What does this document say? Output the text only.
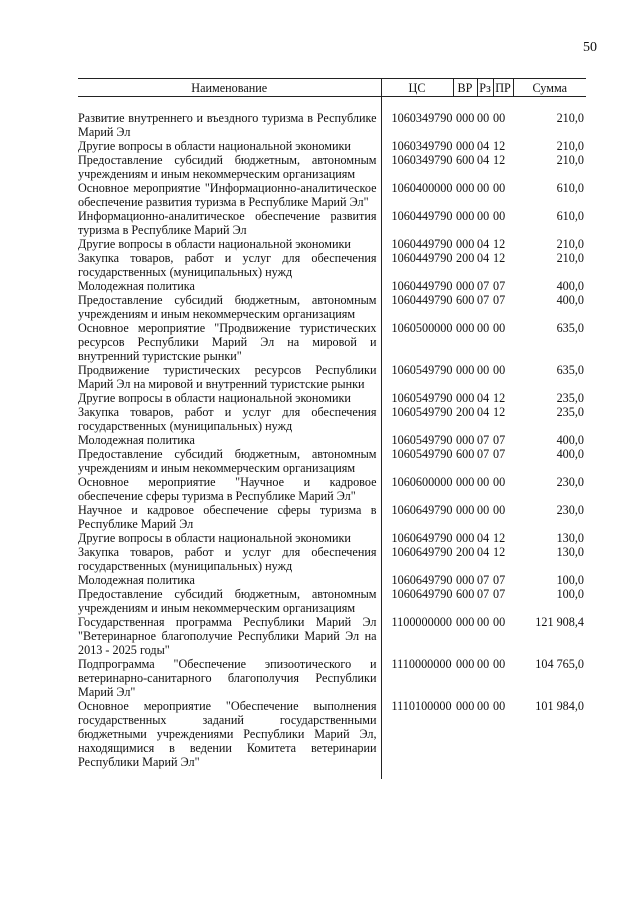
50
Наименование	ЦС	ВР	Рз	ПР	Сумма
Развитие внутреннего и въездного туризма в Республике Марий Эл	1060349790	000	00	00	210,0
Другие вопросы в области национальной экономики	1060349790	000	04	12	210,0
Предоставление субсидий бюджетным, автономным учреждениям и иным некоммерческим организациям	1060349790	600	04	12	210,0
Основное мероприятие "Информационно-аналитическое обеспечение развития туризма в Республике Марий Эл"	1060400000	000	00	00	610,0
Информационно-аналитическое обеспечение развития туризма в Республике Марий Эл	1060449790	000	00	00	610,0
Другие вопросы в области национальной экономики	1060449790	000	04	12	210,0
Закупка товаров, работ и услуг для обеспечения государственных (муниципальных) нужд	1060449790	200	04	12	210,0
Молодежная политика	1060449790	000	07	07	400,0
Предоставление субсидий бюджетным, автономным учреждениям и иным некоммерческим организациям	1060449790	600	07	07	400,0
Основное мероприятие "Продвижение туристических ресурсов Республики Марий Эл на мировой и внутренний туристские рынки"	1060500000	000	00	00	635,0
Продвижение туристических ресурсов Республики Марий Эл на мировой и внутренний туристские рынки	1060549790	000	00	00	635,0
Другие вопросы в области национальной экономики	1060549790	000	04	12	235,0
Закупка товаров, работ и услуг для обеспечения государственных (муниципальных) нужд	1060549790	200	04	12	235,0
Молодежная политика	1060549790	000	07	07	400,0
Предоставление субсидий бюджетным, автономным учреждениям и иным некоммерческим организациям	1060549790	600	07	07	400,0
Основное мероприятие "Научное и кадровое обеспечение сферы туризма в Республике Марий Эл"	1060600000	000	00	00	230,0
Научное и кадровое обеспечение сферы туризма в Республике Марий Эл	1060649790	000	00	00	230,0
Другие вопросы в области национальной экономики	1060649790	000	04	12	130,0
Закупка товаров, работ и услуг для обеспечения государственных (муниципальных) нужд	1060649790	200	04	12	130,0
Молодежная политика	1060649790	000	07	07	100,0
Предоставление субсидий бюджетным, автономным учреждениям и иным некоммерческим организациям	1060649790	600	07	07	100,0
Государственная программа Республики Марий Эл "Ветеринарное благополучие Республики Марий Эл на 2013 - 2025 годы"	1100000000	000	00	00	121 908,4
Подпрограмма "Обеспечение эпизоотического и ветеринарно-санитарного благополучия Республики Марий Эл"	1110000000	000	00	00	104 765,0
Основное мероприятие "Обеспечение выполнения государственных заданий государственными бюджетными учреждениями Республики Марий Эл, находящимися в ведении Комитета ветеринарии Республики Марий Эл"	1110100000	000	00	00	101 984,0
